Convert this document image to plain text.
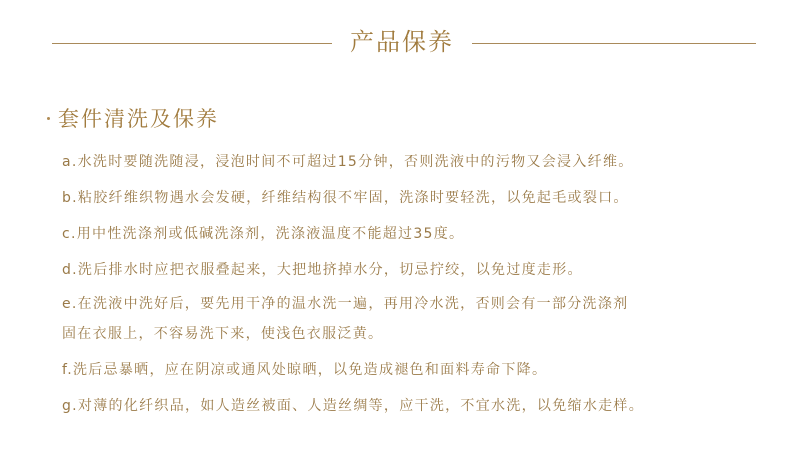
产品保养
套件清洗及保养
a.水洗时要随洗随浸，浸泡时间不可超过15分钟，否则洗液中的污物又会浸入纤维。
b.粘胶纤维织物遇水会发硬，纤维结构很不牢固，洗涤时要轻洗，以免起毛或裂口。
c.用中性洗涤剂或低碱洗涤剂，洗涤液温度不能超过35度。
d.洗后排水时应把衣服叠起来，大把地挤掉水分，切忌拧绞，以免过度走形。
e.在洗液中洗好后，要先用干净的温水洗一遍，再用冷水洗，否则会有一部分洗涤剂
固在衣服上，不容易洗下来，使浅色衣服泛黄。
f.洗后忌暴晒，应在阴凉或通风处晾晒，以免造成褪色和面料寿命下降。
g.对薄的化纤织品，如人造丝被面、人造丝绸等，应干洗，不宜水洗，以免缩水走样。
